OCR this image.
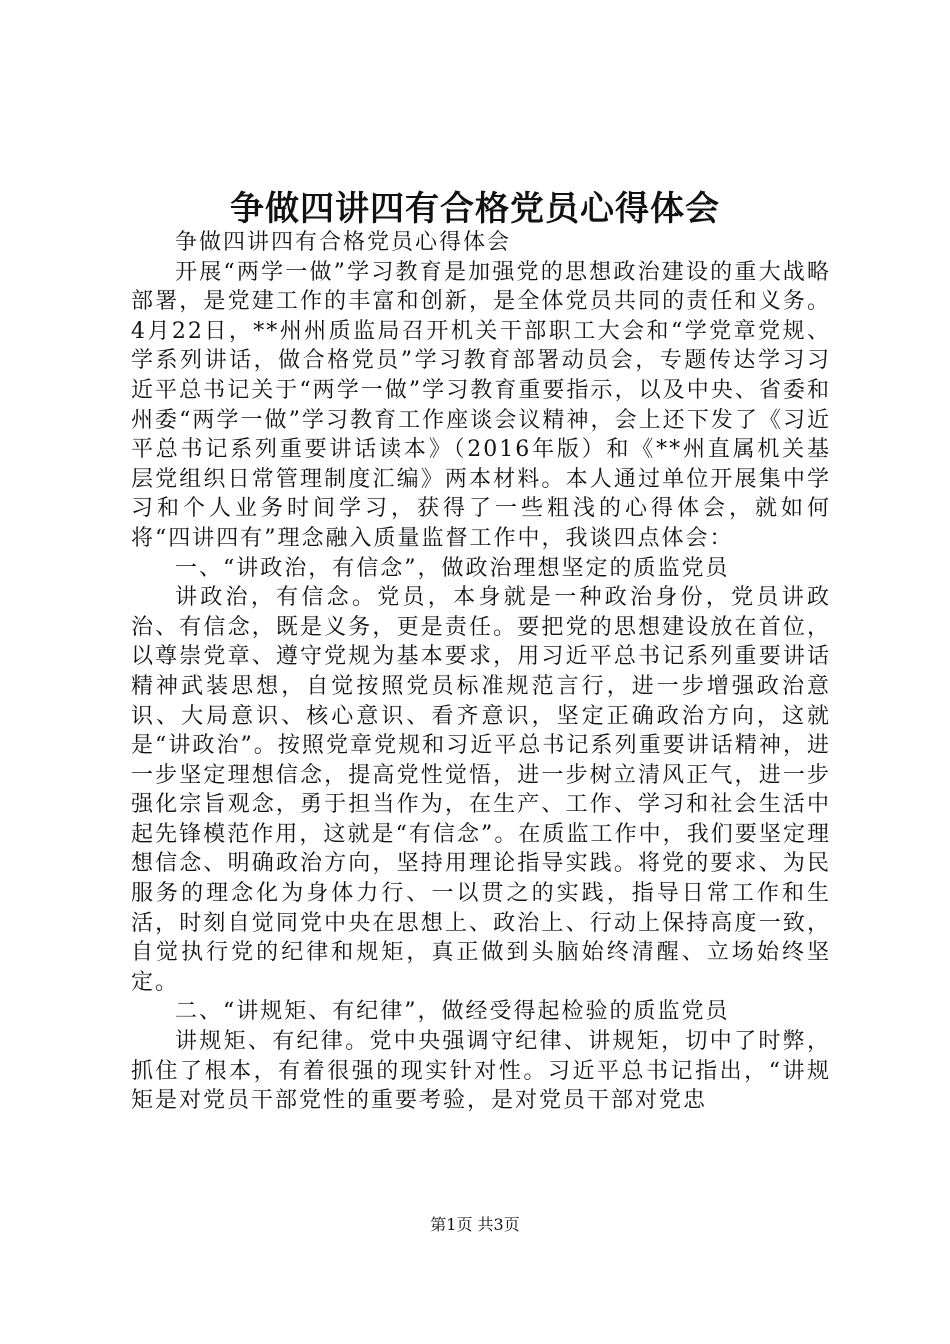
争做四讲四有合格党员心得体会

争做四讲四有合格党员心得体会

开展“两学一做”学习教育是加强党的思想政治建设的重大战略部署，是党建工作的丰富和创新，是全体党员共同的责任和义务。4月22日，**州州质监局召开机关干部职工大会和“学党章党规、学系列讲话，做合格党员”学习教育部署动员会，专题传达学习习近平总书记关于“两学一做”学习教育重要指示，以及中央、省委和州委“两学一做”学习教育工作座谈会议精神，会上还下发了《习近平总书记系列重要讲话读本》（2016年版）和《**州直属机关基层党组织日常管理制度汇编》两本材料。本人通过单位开展集中学习和个人业务时间学习，获得了一些粗浅的心得体会，就如何将“四讲四有”理念融入质量监督工作中，我谈四点体会：

一、“讲政治，有信念”，做政治理想坚定的质监党员

讲政治，有信念。党员，本身就是一种政治身份，党员讲政治、有信念，既是义务，更是责任。要把党的思想建设放在首位，以尊崇党章、遵守党规为基本要求，用习近平总书记系列重要讲话精神武装思想，自觉按照党员标准规范言行，进一步增强政治意识、大局意识、核心意识、看齐意识，坚定正确政治方向，这就是“讲政治”。按照党章党规和习近平总书记系列重要讲话精神，进一步坚定理想信念，提高党性觉悟，进一步树立清风正气，进一步强化宗旨观念，勇于担当作为，在生产、工作、学习和社会生活中起先锋模范作用，这就是“有信念”。在质监工作中，我们要坚定理想信念、明确政治方向，坚持用理论指导实践。将党的要求、为民服务的理念化为身体力行、一以贯之的实践，指导日常工作和生活，时刻自觉同党中央在思想上、政治上、行动上保持高度一致，自觉执行党的纪律和规矩，真正做到头脑始终清醒、立场始终坚定。

二、“讲规矩、有纪律”，做经受得起检验的质监党员

讲规矩、有纪律。党中央强调守纪律、讲规矩，切中了时弊，抓住了根本，有着很强的现实针对性。习近平总书记指出，“讲规矩是对党员干部党性的重要考验，是对党员干部对党忠

第1页 共3页
